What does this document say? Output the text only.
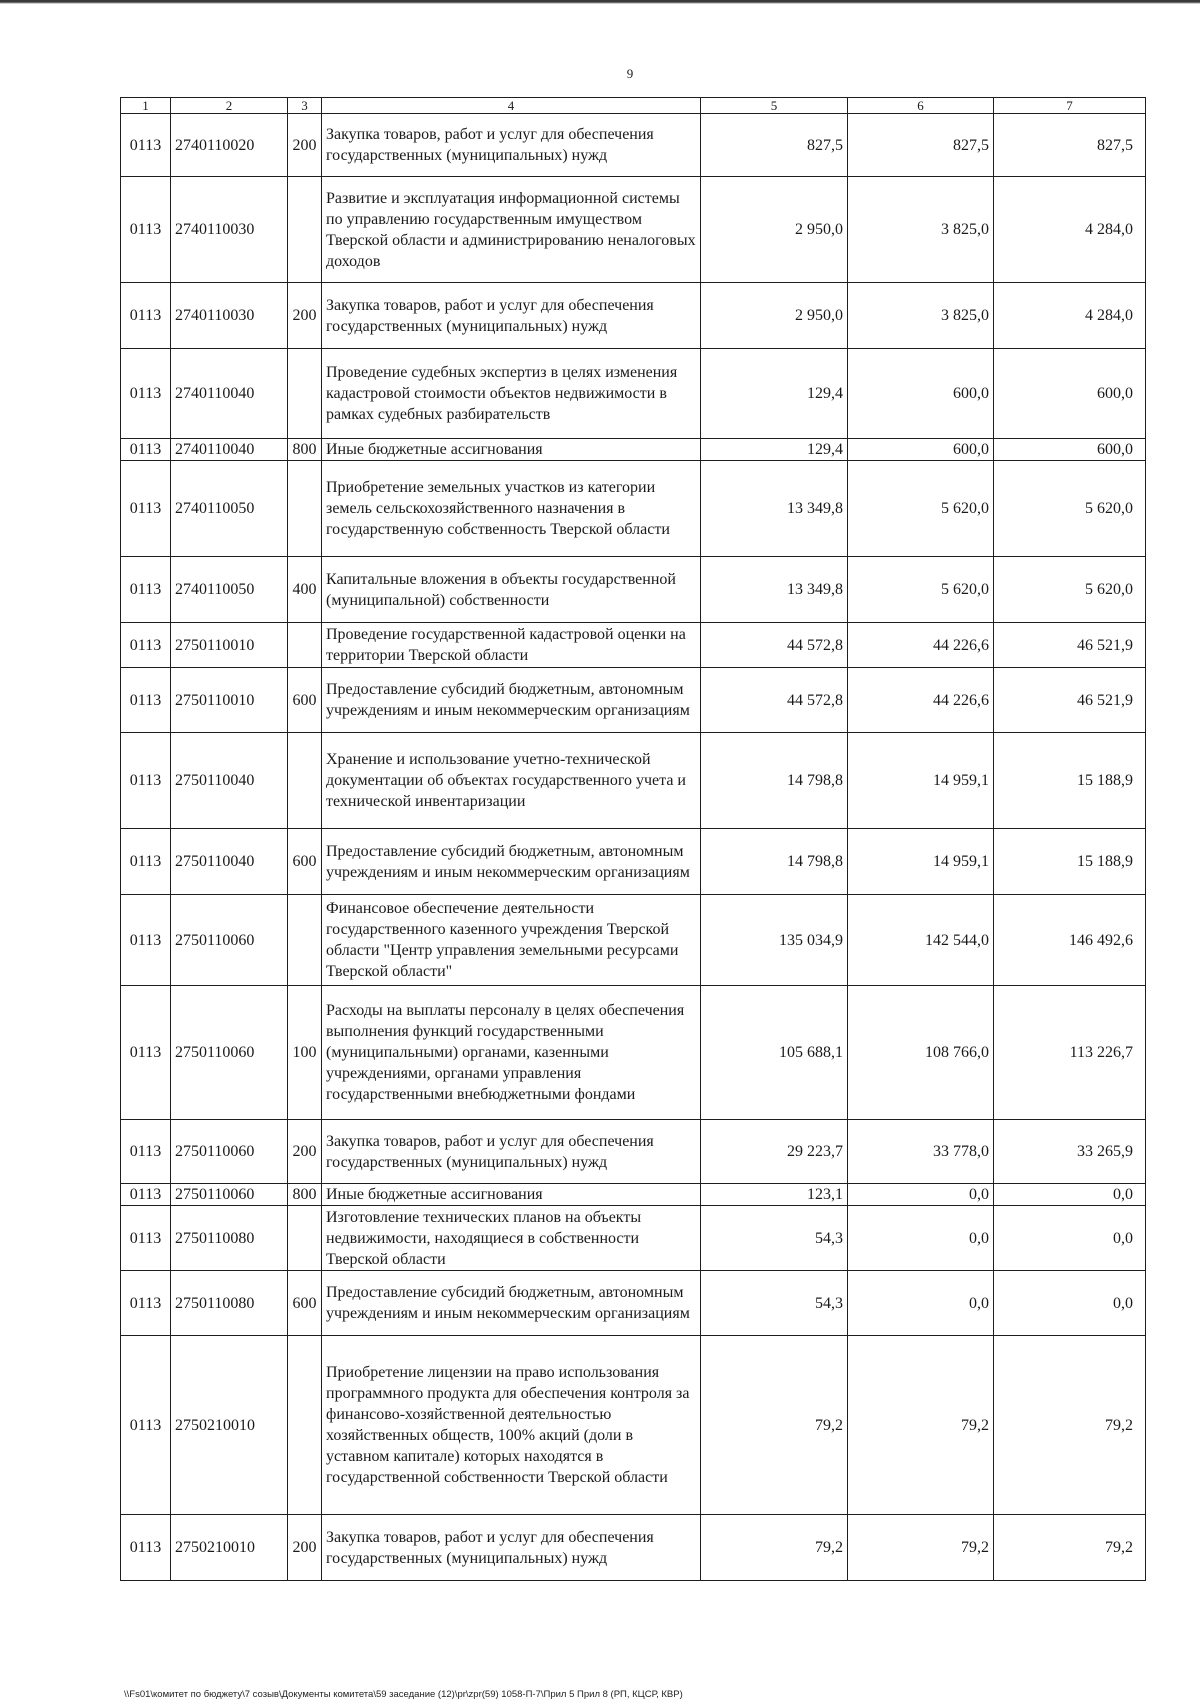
9
1	2	3	4	5	6	7
0113	2740110020	200	Закупка товаров, работ и услуг для обеспечения государственных (муниципальных) нужд	827,5	827,5	827,5
0113	2740110030		Развитие и эксплуатация информационной системы по управлению государственным имуществом Тверской области и администрированию неналоговых доходов	2 950,0	3 825,0	4 284,0
0113	2740110030	200	Закупка товаров, работ и услуг для обеспечения государственных (муниципальных) нужд	2 950,0	3 825,0	4 284,0
0113	2740110040		Проведение судебных экспертиз в целях изменения кадастровой стоимости объектов недвижимости в рамках судебных разбирательств	129,4	600,0	600,0
0113	2740110040	800	Иные бюджетные ассигнования	129,4	600,0	600,0
0113	2740110050		Приобретение земельных участков из категории земель сельскохозяйственного назначения в государственную собственность Тверской области	13 349,8	5 620,0	5 620,0
0113	2740110050	400	Капитальные вложения в объекты государственной (муниципальной) собственности	13 349,8	5 620,0	5 620,0
0113	2750110010		Проведение государственной кадастровой оценки на территории Тверской области	44 572,8	44 226,6	46 521,9
0113	2750110010	600	Предоставление субсидий бюджетным, автономным учреждениям и иным некоммерческим организациям	44 572,8	44 226,6	46 521,9
0113	2750110040		Хранение и использование учетно-технической документации об объектах государственного учета и технической инвентаризации	14 798,8	14 959,1	15 188,9
0113	2750110040	600	Предоставление субсидий бюджетным, автономным учреждениям и иным некоммерческим организациям	14 798,8	14 959,1	15 188,9
0113	2750110060		Финансовое обеспечение деятельности государственного казенного учреждения Тверской области "Центр управления земельными ресурсами Тверской области"	135 034,9	142 544,0	146 492,6
0113	2750110060	100	Расходы на выплаты персоналу в целях обеспечения выполнения функций государственными (муниципальными) органами, казенными учреждениями, органами управления государственными внебюджетными фондами	105 688,1	108 766,0	113 226,7
0113	2750110060	200	Закупка товаров, работ и услуг для обеспечения государственных (муниципальных) нужд	29 223,7	33 778,0	33 265,9
0113	2750110060	800	Иные бюджетные ассигнования	123,1	0,0	0,0
0113	2750110080		Изготовление технических планов на объекты недвижимости, находящиеся в собственности Тверской области	54,3	0,0	0,0
0113	2750110080	600	Предоставление субсидий бюджетным, автономным учреждениям и иным некоммерческим организациям	54,3	0,0	0,0
0113	2750210010		Приобретение лицензии на право использования программного продукта для обеспечения контроля за финансово-хозяйственной деятельностью хозяйственных обществ, 100% акций (доли в уставном капитале) которых находятся в государственной собственности Тверской области	79,2	79,2	79,2
0113	2750210010	200	Закупка товаров, работ и услуг для обеспечения государственных (муниципальных) нужд	79,2	79,2	79,2
\\Fs01\комитет по бюджету\7 созыв\Документы комитета\59 заседание (12)\pr\zpr(59) 1058-П-7\Прил 5 Прил 8 (РП, КЦСР, КВР)
